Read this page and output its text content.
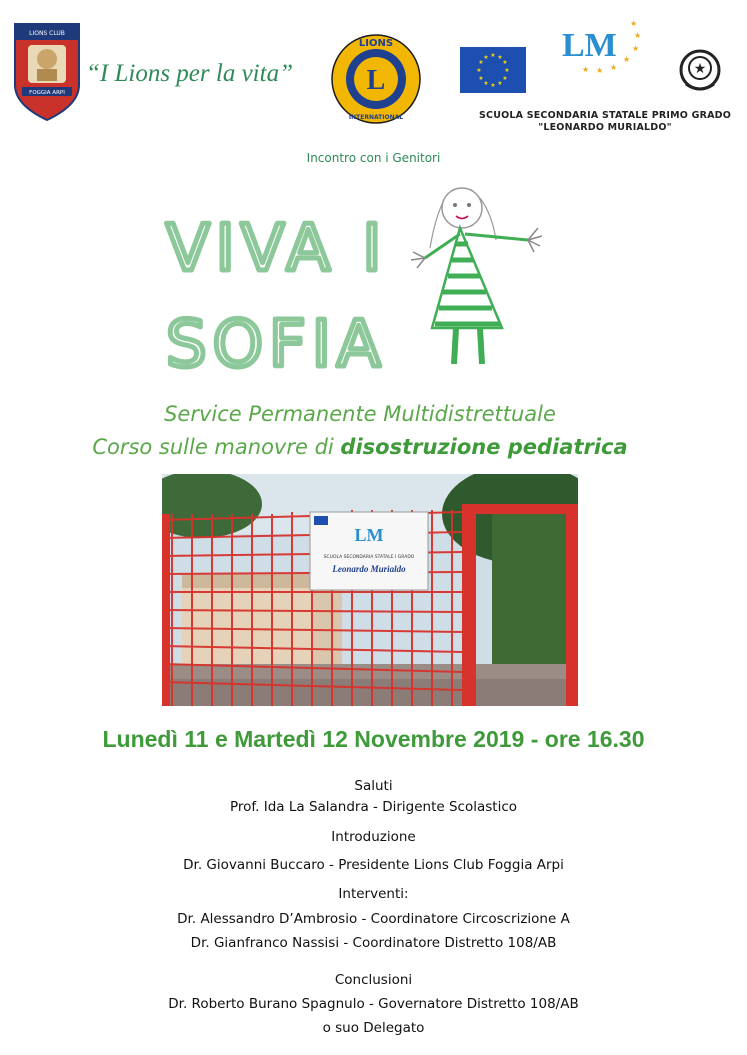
LIONS CLUB
FOGGIA ARPI
“I Lions per la vita”	L
LIONS
INTERNATIONAL
★ ★
★
★
★
★
★
★
★
★
★
★ LM
★
★
★
★
★
★
★	★
SCUOLA SECONDARIA STATALE PRIMO GRADO
"LEONARDO MURIALDO"
Incontro con i Genitori
VIVA I
SOFIA
Service Permanente Multidistrettuale
Corso sulle manovre di disostruzione pediatrica
LM
SCUOLA SECONDARIA STATALE I GRADO
Leonardo Murialdo
Lunedì 11 e Martedì 12 Novembre 2019 - ore 16.30
Saluti
Prof. Ida La Salandra - Dirigente Scolastico
Introduzione
Dr. Giovanni Buccaro - Presidente Lions Club Foggia Arpi
Interventi:
Dr. Alessandro D’Ambrosio - Coordinatore Circoscrizione A
Dr. Gianfranco Nassisi - Coordinatore Distretto 108/AB
Conclusioni
Dr. Roberto Burano Spagnulo - Governatore Distretto 108/AB
o suo Delegato
